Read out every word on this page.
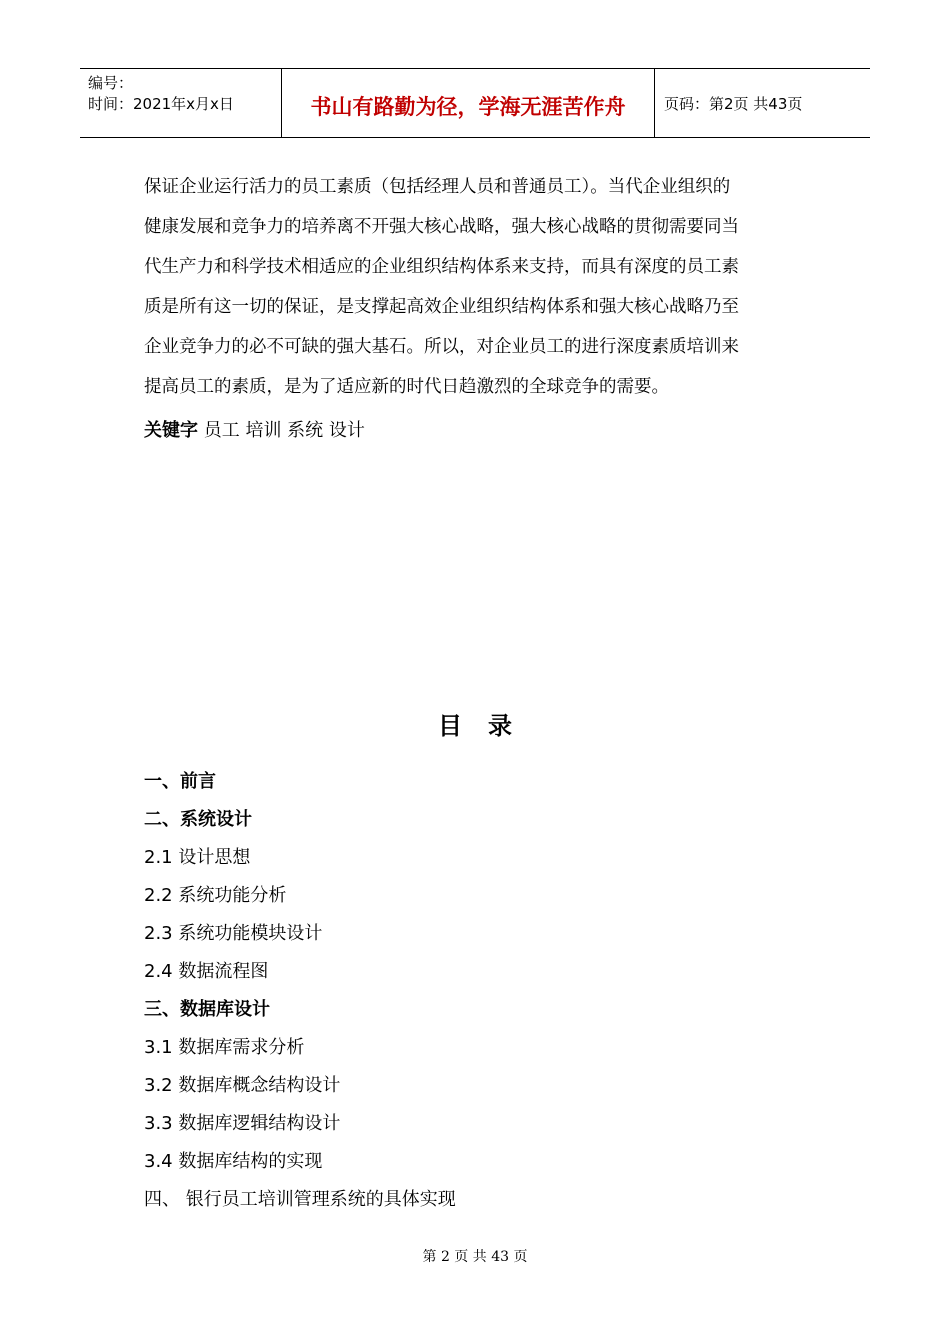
编号：
时间：2021年x月x日	书山有路勤为径，学海无涯苦作舟	页码：第2页 共43页
保证企业运行活力的员工素质（包括经理人员和普通员工）。当代企业组织的
健康发展和竞争力的培养离不开强大核心战略，强大核心战略的贯彻需要同当
代生产力和科学技术相适应的企业组织结构体系来支持，而具有深度的员工素
质是所有这一切的保证，是支撑起高效企业组织结构体系和强大核心战略乃至
企业竞争力的必不可缺的强大基石。所以，对企业员工的进行深度素质培训来
提高员工的素质，是为了适应新的时代日趋激烈的全球竞争的需要。
关键字 员工 培训 系统 设计
目录
一、前言
二、系统设计
2.1 设计思想
2.2 系统功能分析
2.3 系统功能模块设计
2.4 数据流程图
三、数据库设计
3.1 数据库需求分析
3.2 数据库概念结构设计
3.3 数据库逻辑结构设计
3.4 数据库结构的实现
四、 银行员工培训管理系统的具体实现
第 2 页 共 43 页
